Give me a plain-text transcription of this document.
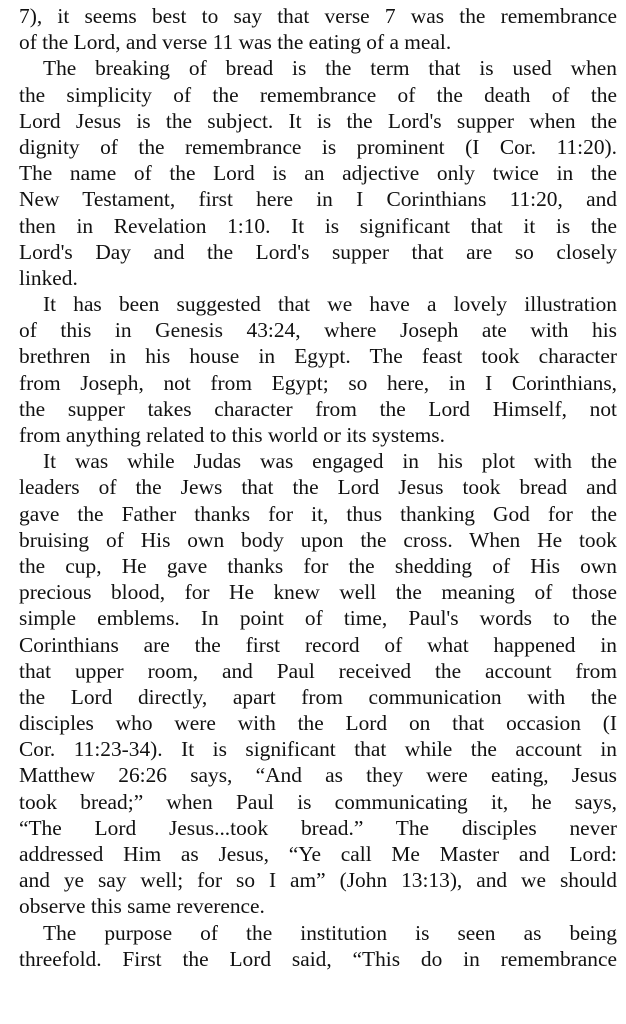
7), it seems best to say that verse 7 was the remembrance
of the Lord, and verse 11 was the eating of a meal.
The breaking of bread is the term that is used when
the simplicity of the remembrance of the death of the
Lord Jesus is the subject. It is the Lord's supper when the
dignity of the remembrance is prominent (I Cor. 11:20).
The name of the Lord is an adjective only twice in the
New Testament, first here in I Corinthians 11:20, and
then in Revelation 1:10. It is significant that it is the
Lord's Day and the Lord's supper that are so closely
linked.
It has been suggested that we have a lovely illustration
of this in Genesis 43:24, where Joseph ate with his
brethren in his house in Egypt. The feast took character
from Joseph, not from Egypt; so here, in I Corinthians,
the supper takes character from the Lord Himself, not
from anything related to this world or its systems.
It was while Judas was engaged in his plot with the
leaders of the Jews that the Lord Jesus took bread and
gave the Father thanks for it, thus thanking God for the
bruising of His own body upon the cross. When He took
the cup, He gave thanks for the shedding of His own
precious blood, for He knew well the meaning of those
simple emblems. In point of time, Paul's words to the
Corinthians are the first record of what happened in
that upper room, and Paul received the account from
the Lord directly, apart from communication with the
disciples who were with the Lord on that occasion (I
Cor. 11:23-34). It is significant that while the account in
Matthew 26:26 says, “And as they were eating, Jesus
took bread;” when Paul is communicating it, he says,
“The Lord Jesus...took bread.” The disciples never
addressed Him as Jesus, “Ye call Me Master and Lord:
and ye say well; for so I am” (John 13:13), and we should
observe this same reverence.
The purpose of the institution is seen as being
threefold. First the Lord said, “This do in remembrance
